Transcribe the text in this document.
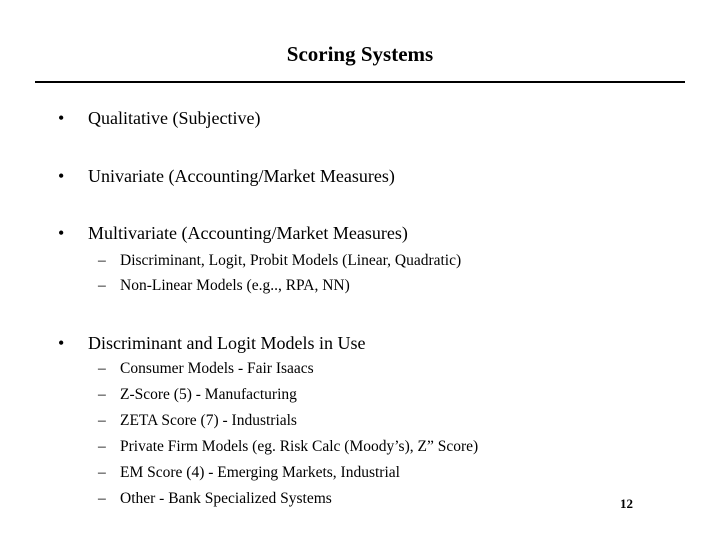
Scoring Systems
• Qualitative (Subjective)
• Univariate (Accounting/Market Measures)
• Multivariate (Accounting/Market Measures)
– Discriminant, Logit, Probit Models (Linear, Quadratic)
– Non-Linear Models (e.g.., RPA, NN)
• Discriminant and Logit Models in Use
– Consumer Models - Fair Isaacs
– Z-Score (5) - Manufacturing
– ZETA Score (7) - Industrials
– Private Firm Models (eg. Risk Calc (Moody’s), Z” Score)
– EM Score (4) - Emerging Markets, Industrial
– Other - Bank Specialized Systems	12
